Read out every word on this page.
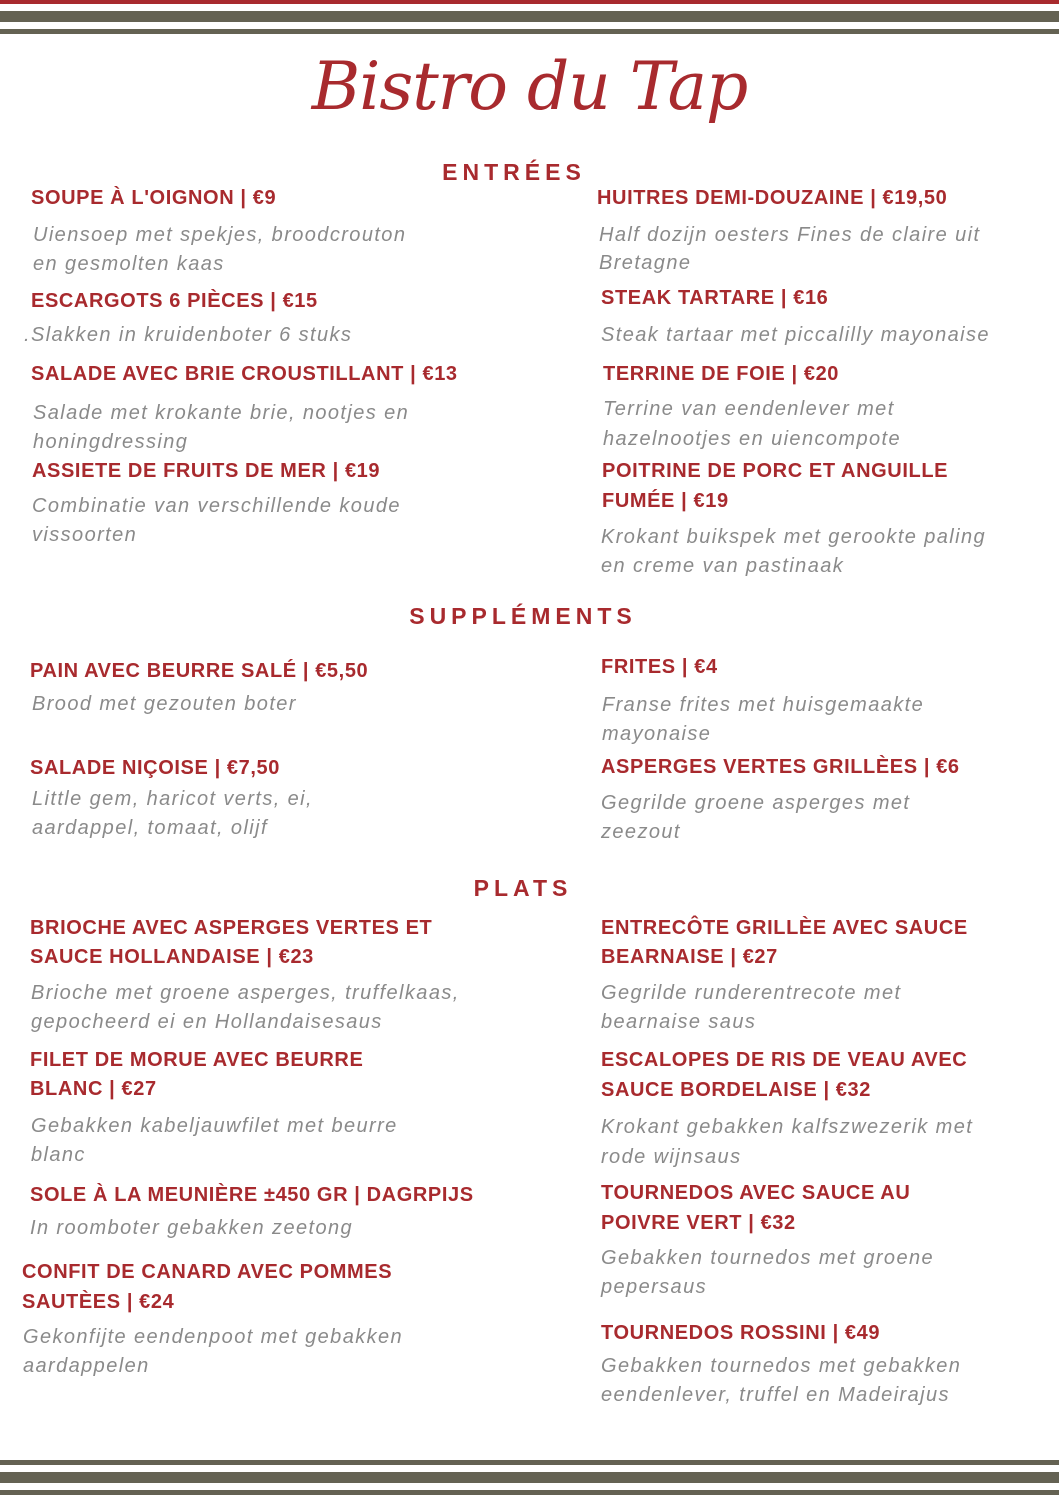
Bistro du Tap
ENTRÉES
SUPPLÉMENTS
PLATS
SOUPE À L'OIGNON | €9
Uiensoep met spekjes, broodcrouton
en gesmolten kaas
ESCARGOTS 6 PIÈCES | €15
.Slakken in kruidenboter 6 stuks
SALADE AVEC BRIE CROUSTILLANT | €13
Salade met krokante brie, nootjes en
honingdressing
ASSIETE DE FRUITS DE MER | €19
Combinatie van verschillende koude
vissoorten
HUITRES DEMI-DOUZAINE | €19,50
Half dozijn oesters Fines de claire uit
Bretagne
STEAK TARTARE | €16
Steak tartaar met piccalilly mayonaise
TERRINE DE FOIE | €20
Terrine van eendenlever met
hazelnootjes en uiencompote
POITRINE DE PORC ET ANGUILLE
FUMÉE | €19
Krokant buikspek met gerookte paling
en creme van pastinaak
PAIN AVEC BEURRE SALÉ | €5,50
Brood met gezouten boter
SALADE NIÇOISE | €7,50
Little gem, haricot verts, ei,
aardappel, tomaat, olijf
FRITES | €4
Franse frites met huisgemaakte
mayonaise
ASPERGES VERTES GRILLÈES | €6
Gegrilde groene asperges met
zeezout
BRIOCHE AVEC ASPERGES VERTES ET
SAUCE HOLLANDAISE | €23
Brioche met groene asperges, truffelkaas,
gepocheerd ei en Hollandaisesaus
FILET DE MORUE AVEC BEURRE
BLANC | €27
Gebakken kabeljauwfilet met beurre
blanc
SOLE À LA MEUNIÈRE ±450 GR | DAGRPIJS
In roomboter gebakken zeetong
CONFIT DE CANARD AVEC POMMES
SAUTÈES | €24
Gekonfijte eendenpoot met gebakken
aardappelen
ENTRECÔTE GRILLÈE AVEC SAUCE
BEARNAISE | €27
Gegrilde runderentrecote met
bearnaise saus
ESCALOPES DE RIS DE VEAU AVEC
SAUCE BORDELAISE | €32
Krokant gebakken kalfszwezerik met
rode wijnsaus
TOURNEDOS AVEC SAUCE AU
POIVRE VERT | €32
Gebakken tournedos met groene
pepersaus
TOURNEDOS ROSSINI | €49
Gebakken tournedos met gebakken
eendenlever, truffel en Madeirajus
